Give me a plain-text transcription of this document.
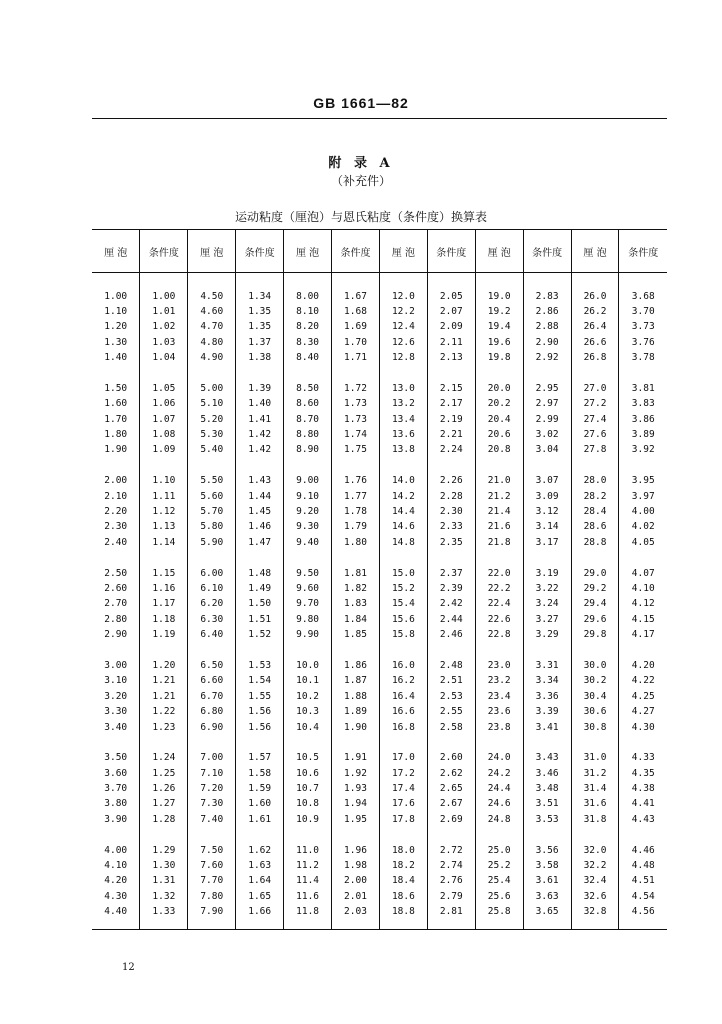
GB 1661—82
附 录 A
（补充件）
运动粘度（厘泡）与恩氏粘度（条件度）换算表
厘 泡	条件度	厘 泡	条件度	厘 泡	条件度	厘 泡	条件度	厘 泡	条件度	厘 泡	条件度

1.00	1.00	4.50	1.34	8.00	1.67	12.0	2.05	19.0	2.83	26.0	3.68
1.10	1.01	4.60	1.35	8.10	1.68	12.2	2.07	19.2	2.86	26.2	3.70
1.20	1.02	4.70	1.35	8.20	1.69	12.4	2.09	19.4	2.88	26.4	3.73
1.30	1.03	4.80	1.37	8.30	1.70	12.6	2.11	19.6	2.90	26.6	3.76
1.40	1.04	4.90	1.38	8.40	1.71	12.8	2.13	19.8	2.92	26.8	3.78

1.50	1.05	5.00	1.39	8.50	1.72	13.0	2.15	20.0	2.95	27.0	3.81
1.60	1.06	5.10	1.40	8.60	1.73	13.2	2.17	20.2	2.97	27.2	3.83
1.70	1.07	5.20	1.41	8.70	1.73	13.4	2.19	20.4	2.99	27.4	3.86
1.80	1.08	5.30	1.42	8.80	1.74	13.6	2.21	20.6	3.02	27.6	3.89
1.90	1.09	5.40	1.42	8.90	1.75	13.8	2.24	20.8	3.04	27.8	3.92

2.00	1.10	5.50	1.43	9.00	1.76	14.0	2.26	21.0	3.07	28.0	3.95
2.10	1.11	5.60	1.44	9.10	1.77	14.2	2.28	21.2	3.09	28.2	3.97
2.20	1.12	5.70	1.45	9.20	1.78	14.4	2.30	21.4	3.12	28.4	4.00
2.30	1.13	5.80	1.46	9.30	1.79	14.6	2.33	21.6	3.14	28.6	4.02
2.40	1.14	5.90	1.47	9.40	1.80	14.8	2.35	21.8	3.17	28.8	4.05

2.50	1.15	6.00	1.48	9.50	1.81	15.0	2.37	22.0	3.19	29.0	4.07
2.60	1.16	6.10	1.49	9.60	1.82	15.2	2.39	22.2	3.22	29.2	4.10
2.70	1.17	6.20	1.50	9.70	1.83	15.4	2.42	22.4	3.24	29.4	4.12
2.80	1.18	6.30	1.51	9.80	1.84	15.6	2.44	22.6	3.27	29.6	4.15
2.90	1.19	6.40	1.52	9.90	1.85	15.8	2.46	22.8	3.29	29.8	4.17

3.00	1.20	6.50	1.53	10.0	1.86	16.0	2.48	23.0	3.31	30.0	4.20
3.10	1.21	6.60	1.54	10.1	1.87	16.2	2.51	23.2	3.34	30.2	4.22
3.20	1.21	6.70	1.55	10.2	1.88	16.4	2.53	23.4	3.36	30.4	4.25
3.30	1.22	6.80	1.56	10.3	1.89	16.6	2.55	23.6	3.39	30.6	4.27
3.40	1.23	6.90	1.56	10.4	1.90	16.8	2.58	23.8	3.41	30.8	4.30

3.50	1.24	7.00	1.57	10.5	1.91	17.0	2.60	24.0	3.43	31.0	4.33
3.60	1.25	7.10	1.58	10.6	1.92	17.2	2.62	24.2	3.46	31.2	4.35
3.70	1.26	7.20	1.59	10.7	1.93	17.4	2.65	24.4	3.48	31.4	4.38
3.80	1.27	7.30	1.60	10.8	1.94	17.6	2.67	24.6	3.51	31.6	4.41
3.90	1.28	7.40	1.61	10.9	1.95	17.8	2.69	24.8	3.53	31.8	4.43

4.00	1.29	7.50	1.62	11.0	1.96	18.0	2.72	25.0	3.56	32.0	4.46
4.10	1.30	7.60	1.63	11.2	1.98	18.2	2.74	25.2	3.58	32.2	4.48
4.20	1.31	7.70	1.64	11.4	2.00	18.4	2.76	25.4	3.61	32.4	4.51
4.30	1.32	7.80	1.65	11.6	2.01	18.6	2.79	25.6	3.63	32.6	4.54
4.40	1.33	7.90	1.66	11.8	2.03	18.8	2.81	25.8	3.65	32.8	4.56

12
